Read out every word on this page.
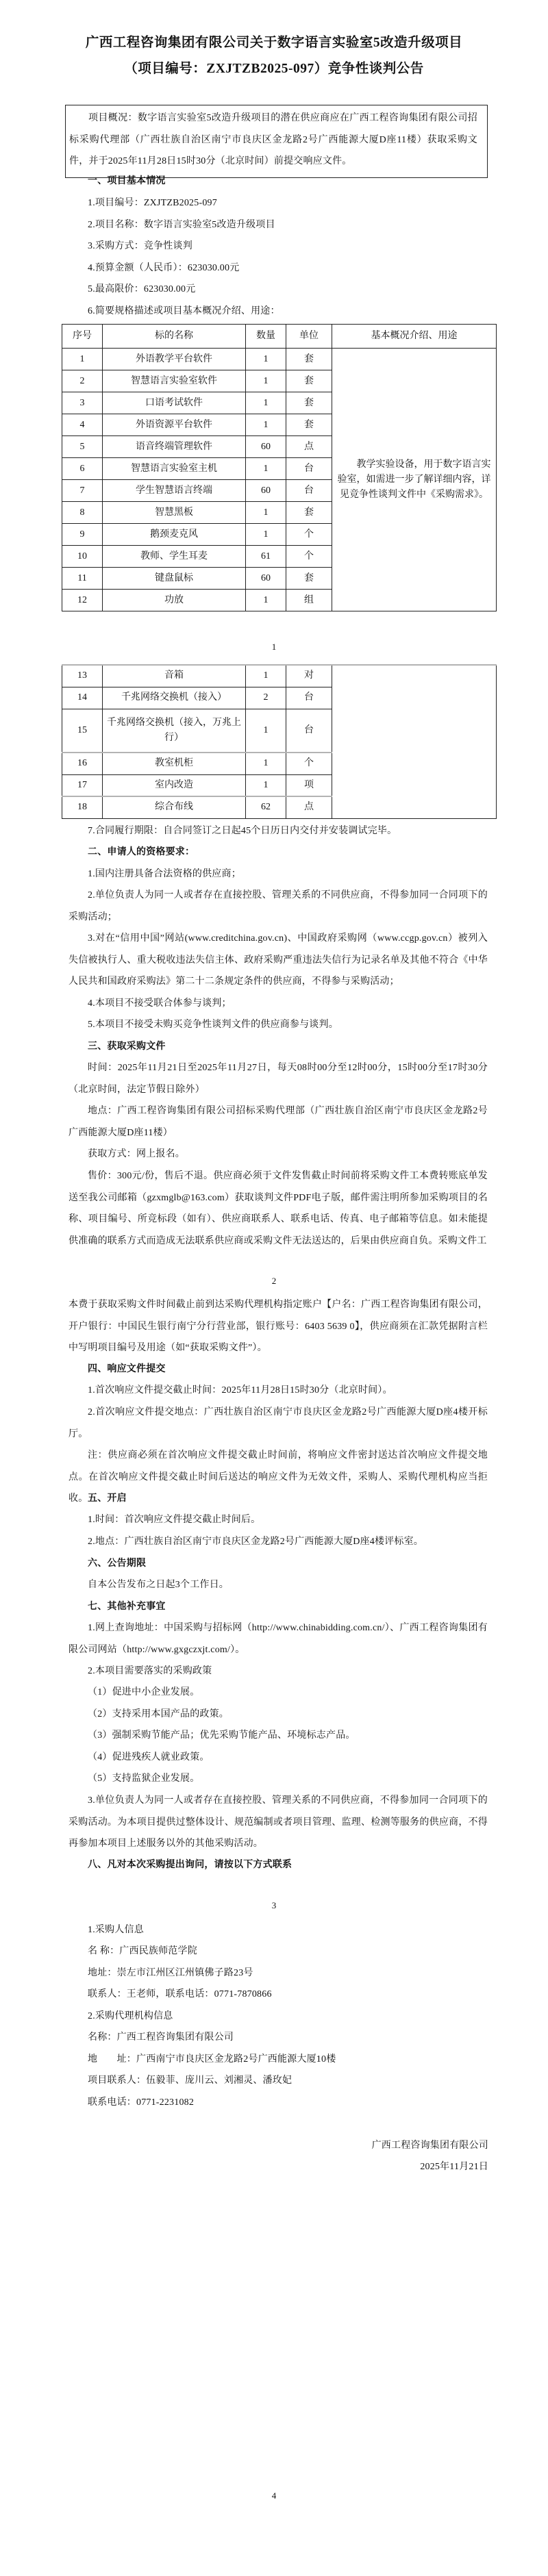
广西工程咨询集团有限公司关于数字语言实验室5改造升级项目
（项目编号：ZXJTZB2025-097）竞争性谈判公告
项目概况：数字语言实验室5改造升级项目的潜在供应商应在广西工程咨询集团有限公司招标采购代理部（广西壮族自治区南宁市良庆区金龙路2号广西能源大厦D座11楼）获取采购文件，并于2025年11月28日15时30分（北京时间）前提交响应文件。
一、项目基本情况
1.项目编号：ZXJTZB2025-097
2.项目名称：数字语言实验室5改造升级项目
3.采购方式：竞争性谈判
4.预算金额（人民币）：623030.00元
5.最高限价：623030.00元
6.简要规格描述或项目基本概况介绍、用途：
序号	标的名称	数量	单位	基本概况介绍、用途
1	外语教学平台软件	1	套	教学实验设备，用于数字语言实验室，如需进一步了解详细内容，详见竞争性谈判文件中《采购需求》。
2	智慧语言实验室软件	1	套	
3	口语考试软件	1	套	
4	外语资源平台软件	1	套	
5	语音终端管理软件	60	点	
6	智慧语言实验室主机	1	台	
7	学生智慧语言终端	60	台	
8	智慧黑板	1	套	
9	鹅颈麦克风	1	个	
10	教师、学生耳麦	61	个	
11	键盘鼠标	60	套	
12	功放	1	组	
1
13	音箱	1	对	
14	千兆网络交换机（接入）	2	台	
15	千兆网络交换机（接入，万兆上行）	1	台	
16	教室机柜	1	个	
17	室内改造	1	项	
18	综合布线	62	点	
7.合同履行期限：自合同签订之日起45个日历日内交付并安装调试完毕。
二、申请人的资格要求：
1.国内注册具备合法资格的供应商；
2.单位负责人为同一人或者存在直接控股、管理关系的不同供应商，不得参加同一合同项下的采购活动；
3.对在“信用中国”网站(www.creditchina.gov.cn)、中国政府采购网（www.ccgp.gov.cn）被列入失信被执行人、重大税收违法失信主体、政府采购严重违法失信行为记录名单及其他不符合《中华人民共和国政府采购法》第二十二条规定条件的供应商，不得参与采购活动；
4.本项目不接受联合体参与谈判；
5.本项目不接受未购买竞争性谈判文件的供应商参与谈判。
三、获取采购文件
时间：2025年11月21日至2025年11月27日，每天08时00分至12时00分，15时00分至17时30分（北京时间，法定节假日除外）
地点：广西工程咨询集团有限公司招标采购代理部（广西壮族自治区南宁市良庆区金龙路2号广西能源大厦D座11楼）
获取方式：网上报名。
售价：300元/份，售后不退。供应商必须于文件发售截止时间前将采购文件工本费转账底单发送至我公司邮箱（gzxmglb@163.com）获取谈判文件PDF电子版，邮件需注明所参加采购项目的名称、项目编号、所竞标段（如有）、供应商联系人、联系电话、传真、电子邮箱等信息。如未能提供准确的联系方式而造成无法联系供应商或采购文件无法送达的，后果由供应商自负。采购文件工
2
本费于获取采购文件时间截止前到达采购代理机构指定账户【户名：广西工程咨询集团有限公司，开户银行：中国民生银行南宁分行营业部，银行账号：6403 5639 0】，供应商须在汇款凭据附言栏中写明项目编号及用途（如“获取采购文件”）。
四、响应文件提交
1.首次响应文件提交截止时间：2025年11月28日15时30分（北京时间）。
2.首次响应文件提交地点：广西壮族自治区南宁市良庆区金龙路2号广西能源大厦D座4楼开标厅。
注：供应商必须在首次响应文件提交截止时间前，将响应文件密封送达首次响应文件提交地点。在首次响应文件提交截止时间后送达的响应文件为无效文件，采购人、采购代理机构应当拒收。 五、开启
1.时间：首次响应文件提交截止时间后。
2.地点：广西壮族自治区南宁市良庆区金龙路2号广西能源大厦D座4楼评标室。
六、公告期限
自本公告发布之日起3个工作日。
七、其他补充事宜
1.网上查询地址：中国采购与招标网（http://www.chinabidding.com.cn/）、广西工程咨询集团有限公司网站（http://www.gxgczxjt.com/）。
2.本项目需要落实的采购政策
（1）促进中小企业发展。
（2）支持采用本国产品的政策。
（3）强制采购节能产品；优先采购节能产品、环境标志产品。
（4）促进残疾人就业政策。
（5）支持监狱企业发展。
3.单位负责人为同一人或者存在直接控股、管理关系的不同供应商，不得参加同一合同项下的采购活动。为本项目提供过整体设计、规范编制或者项目管理、监理、检测等服务的供应商，不得再参加本项目上述服务以外的其他采购活动。
八、凡对本次采购提出询问，请按以下方式联系
3
1.采购人信息
名 称：广西民族师范学院
地址：崇左市江州区江州镇佛子路23号
联系人：王老师，联系电话：0771-7870866
2.采购代理机构信息
名称：广西工程咨询集团有限公司
地　　址：广西南宁市良庆区金龙路2号广西能源大厦10楼
项目联系人：伍毅菲、庞川云、刘湘灵、潘玫妃
联系电话：0771-2231082
广西工程咨询集团有限公司
2025年11月21日
4
